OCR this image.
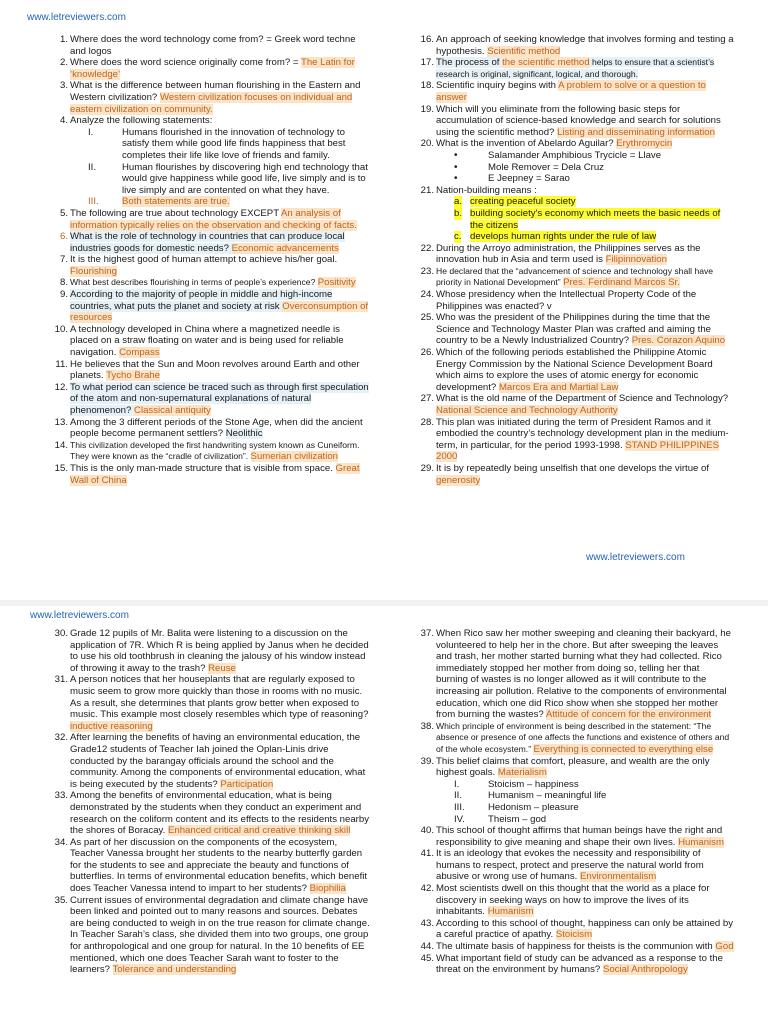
www.letreviewers.com
1. Where does the word technology come from? = Greek word techne and logos
2. Where does the word science originally come from? = The Latin for ‘knowledge’
3. What is the difference between human flourishing in the Eastern and Western civilization? Western civilization focuses on individual and eastern civilization on community.
4. Analyze the following statements:
I.	Humans flourished in the innovation of technology to satisfy them while good life finds happiness that best completes their life like love of friends and family.
II.	Human flourishes by discovering high end technology that would give happiness while good life, live simply and is to live simply and are contented on what they have.
III. Both statements are true.
5. The following are true about technology EXCEPT An analysis of information typically relies on the observation and checking of facts.
6. What is the role of technology in countries that can produce local industries goods for domestic needs? Economic advancements
7. It is the highest good of human attempt to achieve his/her goal. Flourishing
8. What best describes flourishing in terms of people’s experience? Positivity
9. According to the majority of people in middle and high-income countries, what puts the planet and society at risk Overconsumption of resources
10. A technology developed in China where a magnetized needle is placed on a straw floating on water and is being used for reliable navigation. Compass
11. He believes that the Sun and Moon revolves around Earth and other planets. Tycho Brahe
12. To what period can science be traced such as through first speculation of the atom and non-supernatural explanations of natural phenomenon? Classical antiquity
13. Among the 3 different periods of the Stone Age, when did the ancient people become permanent settlers? Neolithic
14. This civilization developed the first handwriting system known as Cuneiform. They were known as the “cradle of civilization”. Sumerian civilization
15. This is the only man-made structure that is visible from space. Great Wall of China
16. An approach of seeking knowledge that involves forming and testing a hypothesis. Scientific method
17. The process of the scientific method helps to ensure that a scientist’s research is original, significant, logical, and thorough.
18. Scientific inquiry begins with A problem to solve or a question to answer
19. Which will you eliminate from the following basic steps for accumulation of science-based knowledge and search for solutions using the scientific method? Listing and disseminating information
20. What is the invention of Abelardo Aguilar? Erythromycin
• Salamander Amphibious Trycicle = Llave
• Mole Remover = Dela Cruz
• E Jeepney = Sarao
21. Nation-building means :
a. creating peaceful society
b. building society's economy which meets the basic needs of the citizens
c. develops human rights under the rule of law
22. During the Arroyo administration, the Philippines serves as the innovation hub in Asia and term used is Filipinnovation
23. He declared that the “advancement of science and technology shall have priority in National Development” Pres. Ferdinand Marcos Sr.
24. Whose presidency when the Intellectual Property Code of the Philippines was enacted? v
25. Who was the president of the Philippines during the time that the Science and Technology Master Plan was crafted and aiming the country to be a Newly Industrialized Country? Pres. Corazon Aquino
26. Which of the following periods established the Philippine Atomic Energy Commission by the National Science Development Board which aims to explore the uses of atomic energy for economic development? Marcos Era and Martial Law
27. What is the old name of the Department of Science and Technology? National Science and Technology Authority
28. This plan was initiated during the term of President Ramos and it embodied the country’s technology development plan in the medium-term, in particular, for the period 1993-1998. STAND PHILIPPINES 2000
29. It is by repeatedly being unselfish that one develops the virtue of generosity
www.letreviewers.com
www.letreviewers.com
30. Grade 12 pupils of Mr. Balita were listening to a discussion on the application of 7R. Which R is being applied by Janus when he decided to use his old toothbrush in cleaning the jalousy of his window instead of throwing it away to the trash? Reuse
31. A person notices that her houseplants that are regularly exposed to music seem to grow more quickly than those in rooms with no music. As a result, she determines that plants grow better when exposed to music. This example most closely resembles which type of reasoning? inductive reasoning
32. After learning the benefits of having an environmental education, the Grade12 students of Teacher Iah joined the Oplan-Linis drive conducted by the barangay officials around the school and the community. Among the components of environmental education, what is being executed by the students? Participation
33. Among the benefits of environmental education, what is being demonstrated by the students when they conduct an experiment and research on the coliform content and its effects to the residents nearby the shores of Boracay. Enhanced critical and creative thinking skill
34. As part of her discussion on the components of the ecosystem, Teacher Vanessa brought her students to the nearby butterfly garden for the students to see and appreciate the beauty and functions of butterflies. In terms of environmental education benefits, which benefit does Teacher Vanessa intend to impart to her students? Biophilia
35. Current issues of environmental degradation and climate change have been linked and pointed out to many reasons and sources. Debates are being conducted to weigh in on the true reason for climate change. In Teacher Sarah’s class, she divided them into two groups, one group for anthropological and one group for natural. In the 10 benefits of EE mentioned, which one does Teacher Sarah want to foster to the learners? Tolerance and understanding
37. When Rico saw her mother sweeping and cleaning their backyard, he volunteered to help her in the chore. But after sweeping the leaves and trash, her mother started burning what they had collected. Rico immediately stopped her mother from doing so, telling her that burning of wastes is no longer allowed as it will contribute to the increasing air pollution. Relative to the components of environmental education, which one did Rico show when she stopped her mother from burning the wastes? Attitude of concern for the environment
38. Which principle of environment is being described in the statement: “The absence or presence of one affects the functions and existence of others and of the whole ecosystem.” Everything is connected to everything else
39. This belief claims that comfort, pleasure, and wealth are the only highest goals. Materialism
I.	Stoicism – happiness
II.	Humanism – meaningful life
III. Hedonism – pleasure
IV. Theism – god
40. This school of thought affirms that human beings have the right and responsibility to give meaning and shape their own lives. Humanism
41. It is an ideology that evokes the necessity and responsibility of humans to respect, protect and preserve the natural world from abusive or wrong use of humans. Environmentalism
42. Most scientists dwell on this thought that the world as a place for discovery in seeking ways on how to improve the lives of its inhabitants. Humanism
43. According to this school of thought, happiness can only be attained by a careful practice of apathy. Stoicism
44. The ultimate basis of happiness for theists is the communion with God
45. What important field of study can be advanced as a response to the threat on the environment by humans? Social Anthropology
